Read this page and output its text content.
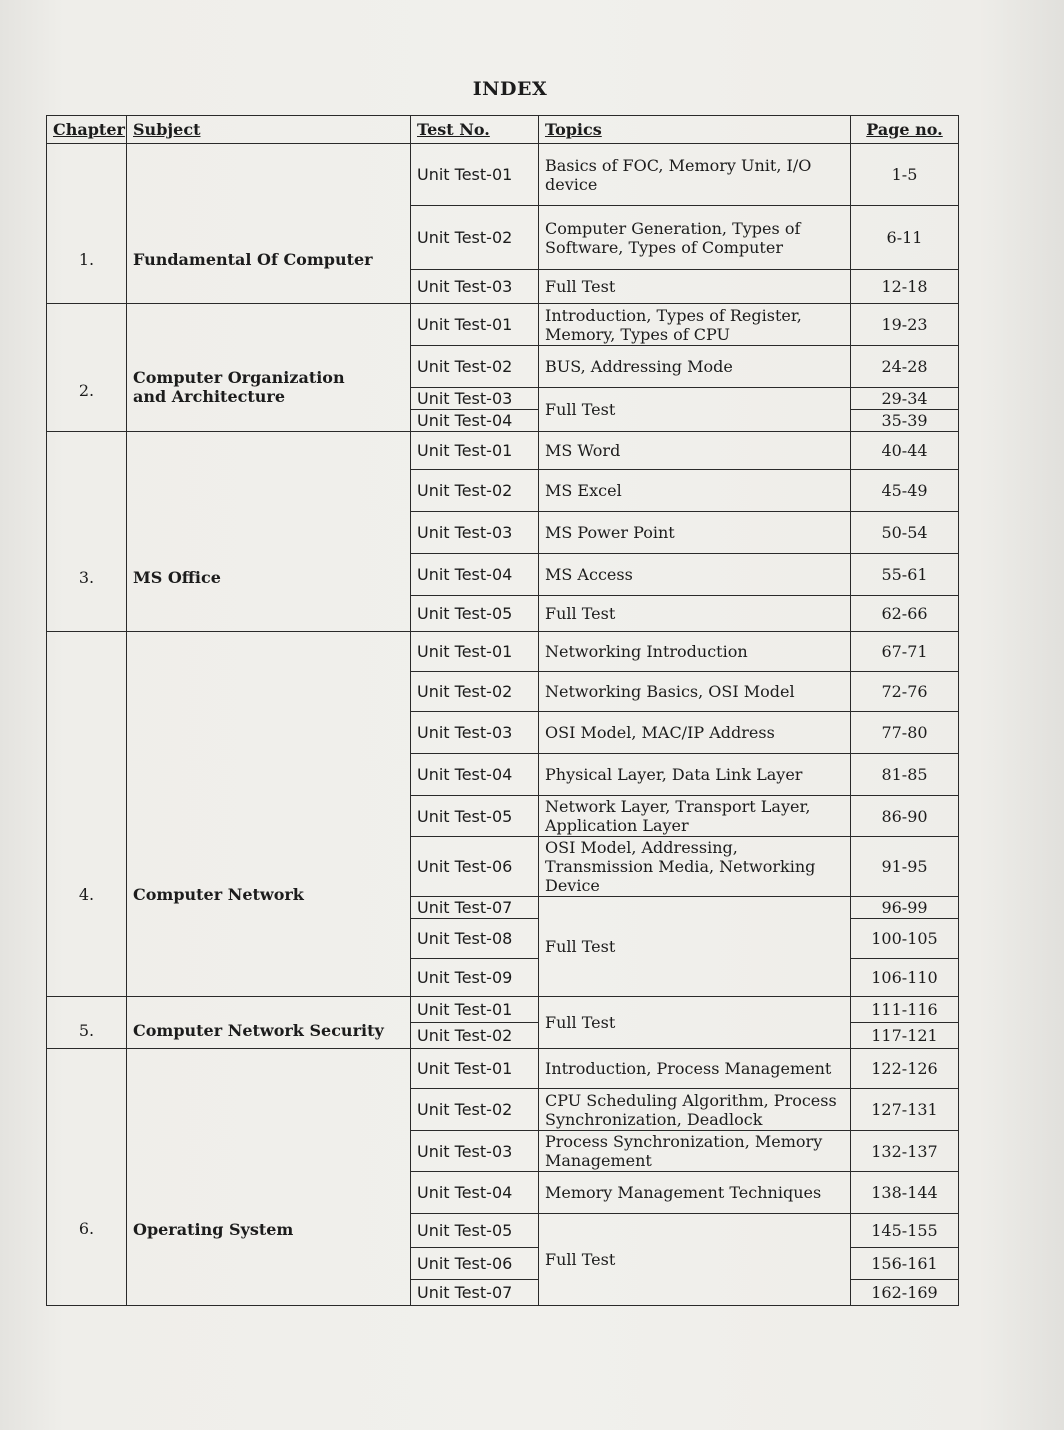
INDEX
Chapter	Subject	Test No.	Topics	Page no.
1.	Fundamental Of Computer	Unit Test-01	Basics of FOC, Memory Unit, I/O device	1-5
		Unit Test-02	Computer Generation, Types of Software, Types of Computer	6-11
		Unit Test-03	Full Test	12-18
2.	Computer Organization and Architecture	Unit Test-01	Introduction, Types of Register, Memory, Types of CPU	19-23
		Unit Test-02	BUS, Addressing Mode	24-28
		Unit Test-03	Full Test	29-34
		Unit Test-04		35-39
3.	MS Office	Unit Test-01	MS Word	40-44
		Unit Test-02	MS Excel	45-49
		Unit Test-03	MS Power Point	50-54
		Unit Test-04	MS Access	55-61
		Unit Test-05	Full Test	62-66
4.	Computer Network	Unit Test-01	Networking Introduction	67-71
		Unit Test-02	Networking Basics, OSI Model	72-76
		Unit Test-03	OSI Model, MAC/IP Address	77-80
		Unit Test-04	Physical Layer, Data Link Layer	81-85
		Unit Test-05	Network Layer, Transport Layer, Application Layer	86-90
		Unit Test-06	OSI Model, Addressing, Transmission Media, Networking Device	91-95
		Unit Test-07	Full Test	96-99
		Unit Test-08		100-105
		Unit Test-09		106-110
5.	Computer Network Security	Unit Test-01	Full Test	111-116
		Unit Test-02		117-121
6.	Operating System	Unit Test-01	Introduction, Process Management	122-126
		Unit Test-02	CPU Scheduling Algorithm, Process Synchronization, Deadlock	127-131
		Unit Test-03	Process Synchronization, Memory Management	132-137
		Unit Test-04	Memory Management Techniques	138-144
		Unit Test-05	Full Test	145-155
		Unit Test-06		156-161
		Unit Test-07		162-169
